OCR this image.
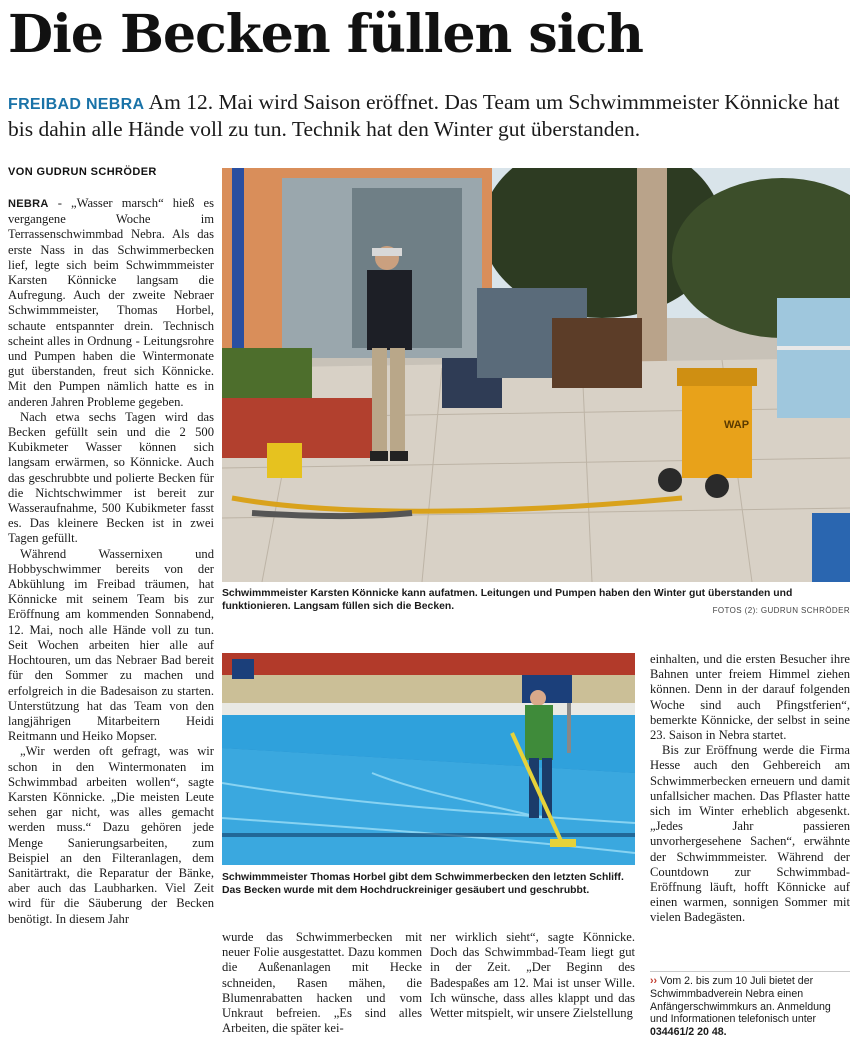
Die Becken füllen sich
FREIBAD NEBRA Am 12. Mai wird Saison eröffnet. Das Team um Schwimmmeister Könnicke hat bis dahin alle Hände voll zu tun. Technik hat den Winter gut überstanden.
VON GUDRUN SCHRÖDER

NEBRA - „Wasser marsch“ hieß es vergangene Woche im Terrassenschwimmbad Nebra. Als das erste Nass in das Schwimmerbecken lief, legte sich beim Schwimmmeister Karsten Könnicke langsam die Aufregung. Auch der zweite Nebraer Schwimmmeister, Thomas Horbel, schaute entspannter drein. Technisch scheint alles in Ordnung - Leitungsrohre und Pumpen haben die Wintermonate gut überstanden, freut sich Könnicke. Mit den Pumpen nämlich hatte es in anderen Jahren Probleme gegeben.

Nach etwa sechs Tagen wird das Becken gefüllt sein und die 2 500 Kubikmeter Wasser können sich langsam erwärmen, so Könnicke. Auch das geschrubbte und polierte Becken für die Nichtschwimmer ist bereit zur Wasseraufnahme, 500 Kubikmeter fasst es. Das kleinere Becken ist in zwei Tagen gefüllt.

Während Wassernixen und Hobbyschwimmer bereits von der Abkühlung im Freibad träumen, hat Könnicke mit seinem Team bis zur Eröffnung am kommenden Sonnabend, 12. Mai, noch alle Hände voll zu tun. Seit Wochen arbeiten hier alle auf Hochtouren, um das Nebraer Bad bereit für den Sommer zu machen und erfolgreich in die Badesaison zu starten. Unterstützung hat das Team von den langjährigen Mitarbeitern Heidi Reitmann und Heiko Mopser.

„Wir werden oft gefragt, was wir schon in den Wintermonaten im Schwimmbad arbeiten wollen“, sagte Karsten Könnicke. „Die meisten Leute sehen gar nicht, was alles gemacht werden muss.“ Dazu gehören jede Menge Sanierungsarbeiten, zum Beispiel an den Filteranlagen, dem Sanitärtrakt, die Reparatur der Bänke, aber auch das Laubharken. Viel Zeit wird für die Säuberung der Becken benötigt. In diesem Jahr

WAP
Schwimmmeister Karsten Könnicke kann aufatmen. Leitungen und Pumpen haben den Winter gut überstanden und funktionieren. Langsam füllen sich die Becken.	FOTOS (2): GUDRUN SCHRÖDER
Schwimmmeister Thomas Horbel gibt dem Schwimmerbecken den letzten Schliff. Das Becken wurde mit dem Hochdruckreiniger gesäubert und geschrubbt.

wurde das Schwimmerbecken mit neuer Folie ausgestattet. Dazu kommen die Außenanlagen mit Hecke schneiden, Rasen mähen, die Blumenrabatten hacken und vom Unkraut befreien. „Es sind alles Arbeiten, die später kei-

ner wirklich sieht“, sagte Könnicke. Doch das Schwimmbad-Team liegt gut in der Zeit. „Der Beginn des Badespaßes am 12. Mai ist unser Wille. Ich wünsche, dass alles klappt und das Wetter mitspielt, wir unsere Zielstellung

einhalten, und die ersten Besucher ihre Bahnen unter freiem Himmel ziehen können. Denn in der darauf folgenden Woche sind auch Pfingstferien“, bemerkte Könnicke, der selbst in seine 23. Saison in Nebra startet.

Bis zur Eröffnung werde die Firma Hesse auch den Gehbereich am Schwimmerbecken erneuern und damit unfallsicher machen. Das Pflaster hatte sich im Winter erheblich abgesenkt. „Jedes Jahr passieren unvorhergesehene Sachen“, erwähnte der Schwimmmeister. Während der Countdown zur Schwimmbad-Eröffnung läuft, hofft Könnicke auf einen warmen, sonnigen Sommer mit vielen Badegästen.

›› Vom 2. bis zum 10 Juli bietet der Schwimmbadverein Nebra einen Anfängerschwimmkurs an. Anmeldung und Informationen telefonisch unter 034461/2 20 48.
